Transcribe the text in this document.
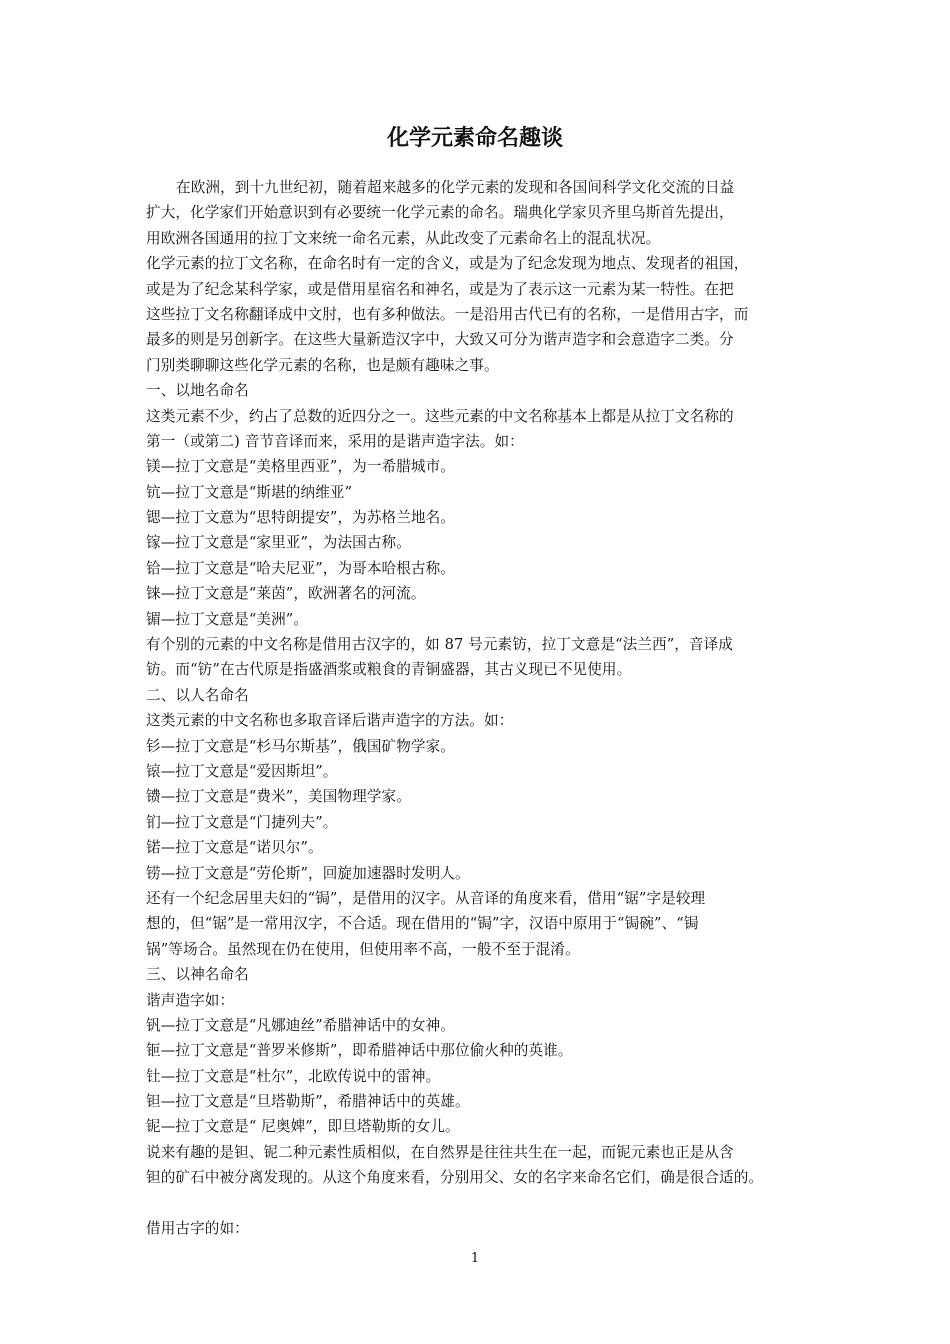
化学元素命名趣谈
在欧洲，到十九世纪初，随着超来越多的化学元素的发现和各国间科学文化交流的日益
扩大，化学家们开始意识到有必要统一化学元素的命名。瑞典化学家贝齐里乌斯首先提出，
用欧洲各国通用的拉丁文来统一命名元素，从此改变了元素命名上的混乱状况。
化学元素的拉丁文名称，在命名时有一定的含义，或是为了纪念发现为地点、发现者的祖国，
或是为了纪念某科学家，或是借用星宿名和神名，或是为了表示这一元素为某一特性。在把
这些拉丁文名称翻译成中文肘，也有多种做法。一是沿用古代已有的名称，一是借用古字，而
最多的则是另创新字。在这些大量新造汉字中，大致又可分为谐声造字和会意造字二类。分
门别类聊聊这些化学元素的名称，也是颇有趣味之事。
一、以地名命名
这类元素不少，约占了总数的近四分之一。这些元素的中文名称基本上都是从拉丁文名称的
第一（或第二) 音节音译而来，采用的是谐声造字法。如：
镁—拉丁文意是“美格里西亚”，为一希腊城市。
钪—拉丁文意是“斯堪的纳维亚”
锶—拉丁文意为“思特朗提安”，为苏格兰地名。
镓—拉丁文意是“家里亚”，为法国古称。
铪—拉丁文意是“哈夫尼亚”，为哥本哈根古称。
铼—拉丁文意是“莱茵”，欧洲著名的河流。
镅—拉丁文意是“美洲”。
有个别的元素的中文名称是借用古汉字的，如 87 号元素钫，拉丁文意是“法兰西”，音译成
钫。而“钫”在古代原是指盛酒浆或粮食的青铜盛器，其古义现已不见使用。
二、以人名命名
这类元素的中文名称也多取音译后谐声造字的方法。如：
钐—拉丁文意是“杉马尔斯基”，俄国矿物学家。
锿—拉丁文意是“爱因斯坦”。
镄—拉丁文意是“费米”，美国物理学家。
钔—拉丁文意是“门捷列夫”。
锘—拉丁文意是“诺贝尔”。
铹—拉丁文意是“劳伦斯”，回旋加速器时发明人。
还有一个纪念居里夫妇的“锔”，是借用的汉字。从音译的角度来看，借用“锯”字是较理
想的，但“锯”是一常用汉字，不合适。现在借用的“锔”字，汉语中原用于“锔碗”、“锔
锅”等场合。虽然现在仍在使用，但使用率不高，一般不至于混淆。
三、以神名命名
谐声造字如：
钒—拉丁文意是“凡娜迪丝”希腊神话中的女神。
钷—拉丁文意是“普罗米修斯”，即希腊神话中那位偷火种的英谁。
钍—拉丁文意是“杜尔”，北欧传说中的雷神。
钽—拉丁文意是“旦塔勒斯”，希腊神话中的英雄。
铌—拉丁文意是“ 尼奥婢”，即旦塔勒斯的女儿。
说来有趣的是钽、铌二种元素性质相似，在自然界是往往共生在一起，而铌元素也正是从含
钽的矿石中被分离发现的。从这个角度来看，分别用父、女的名字来命名它们，确是很合适的。
借用古字的如：
1
